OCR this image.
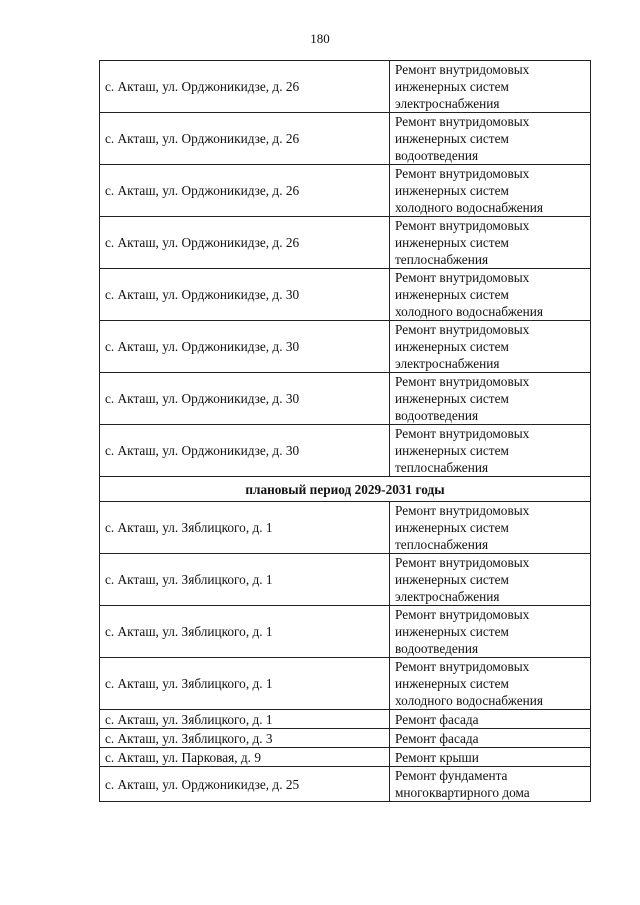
180
с. Акташ, ул. Орджоникидзе, д. 26	Ремонт внутридомовых
инженерных систем
электроснабжения
с. Акташ, ул. Орджоникидзе, д. 26	Ремонт внутридомовых
инженерных систем
водоотведения
с. Акташ, ул. Орджоникидзе, д. 26	Ремонт внутридомовых
инженерных систем
холодного водоснабжения
с. Акташ, ул. Орджоникидзе, д. 26	Ремонт внутридомовых
инженерных систем
теплоснабжения
с. Акташ, ул. Орджоникидзе, д. 30	Ремонт внутридомовых
инженерных систем
холодного водоснабжения
с. Акташ, ул. Орджоникидзе, д. 30	Ремонт внутридомовых
инженерных систем
электроснабжения
с. Акташ, ул. Орджоникидзе, д. 30	Ремонт внутридомовых
инженерных систем
водоотведения
с. Акташ, ул. Орджоникидзе, д. 30	Ремонт внутридомовых
инженерных систем
теплоснабжения
плановый период 2029-2031 годы	
с. Акташ, ул. Зяблицкого, д. 1	Ремонт внутридомовых
инженерных систем
теплоснабжения
с. Акташ, ул. Зяблицкого, д. 1	Ремонт внутридомовых
инженерных систем
электроснабжения
с. Акташ, ул. Зяблицкого, д. 1	Ремонт внутридомовых
инженерных систем
водоотведения
с. Акташ, ул. Зяблицкого, д. 1	Ремонт внутридомовых
инженерных систем
холодного водоснабжения
с. Акташ, ул. Зяблицкого, д. 1	Ремонт фасада
с. Акташ, ул. Зяблицкого, д. 3	Ремонт фасада
с. Акташ, ул. Парковая, д. 9	Ремонт крыши
с. Акташ, ул. Орджоникидзе, д. 25	Ремонт фундамента
многоквартирного дома
